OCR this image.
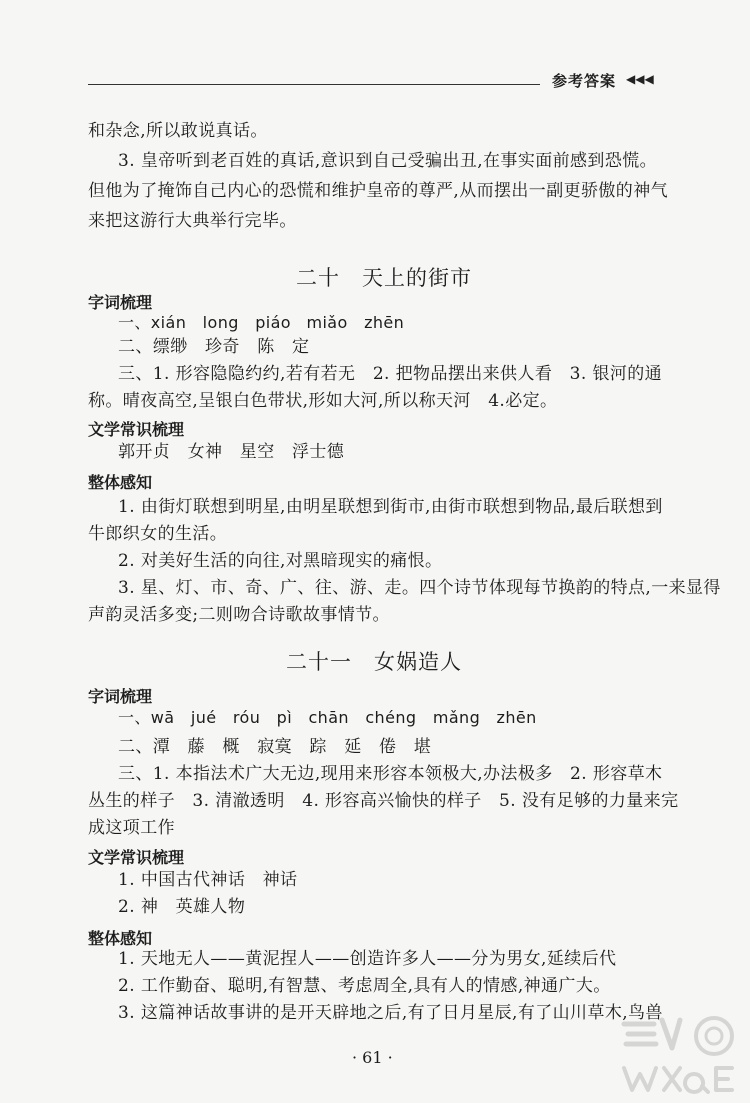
参考答案 ◀◀◀
和杂念,所以敢说真话。
3. 皇帝听到老百姓的真话,意识到自己受骗出丑,在事实面前感到恐慌。
但他为了掩饰自己内心的恐慌和维护皇帝的尊严,从而摆出一副更骄傲的神气
来把这游行大典举行完毕。
二十　天上的街市
字词梳理
一、xián　long　piáo miǎo　zhēn
二、缥缈　珍奇　陈　定
三、1. 形容隐隐约约,若有若无　2. 把物品摆出来供人看　3. 银河的通
称。晴夜高空,呈银白色带状,形如大河,所以称天河　4.必定。
文学常识梳理
郭开贞　女神　星空　浮士德
整体感知
1. 由街灯联想到明星,由明星联想到街市,由街市联想到物品,最后联想到
牛郎织女的生活。
2. 对美好生活的向往,对黑暗现实的痛恨。
3. 星、灯、市、奇、广、往、游、走。四个诗节体现每节换韵的特点,一来显得
声韵灵活多变;二则吻合诗歌故事情节。
二十一　女娲造人
字词梳理
一、wā　jué　róu　pì　chān　chéng　mǎng　zhēn
二、潭　藤　概　寂寞　踪　延　倦　堪
三、1. 本指法术广大无边,现用来形容本领极大,办法极多　2. 形容草木
丛生的样子　3. 清澈透明　4. 形容高兴愉快的样子　5. 没有足够的力量来完
成这项工作
文学常识梳理
1. 中国古代神话　神话
2. 神　英雄人物
整体感知
1. 天地无人——黄泥捏人——创造许多人——分为男女,延续后代
2. 工作勤奋、聪明,有智慧、考虑周全,具有人的情感,神通广大。
3. 这篇神话故事讲的是开天辟地之后,有了日月星辰,有了山川草木,鸟兽
· 61 ·
